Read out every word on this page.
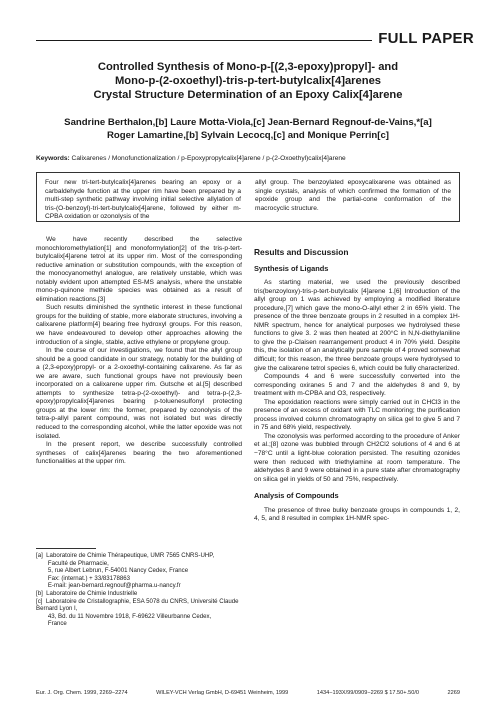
FULL PAPER
Controlled Synthesis of Mono-p-[(2,3-epoxy)propyl]- and
Mono-p-(2-oxoethyl)-tris-p-tert-butylcalix[4]arenes
Crystal Structure Determination of an Epoxy Calix[4]arene
Sandrine Berthalon,[b] Laure Motta-Viola,[c] Jean-Bernard Regnouf-de-Vains,*[a]
Roger Lamartine,[b] Sylvain Lecocq,[c] and Monique Perrin[c]
Keywords: Calixarenes / Monofunctionalization / p-Epoxypropylcalix[4]arene / p-(2-Oxoethyl)calix[4]arene
Four new tri-tert-butylcalix[4]arenes bearing an epoxy or a carbaldehyde function at the upper rim have been prepared by a multi-step synthetic pathway involving initial selective allylation of tris-(O-benzoyl)-tri-tert-butylcalix[4]arene, followed by either m-CPBA oxidation or ozonolysis of the
allyl group. The benzoylated epoxycalixarene was obtained as single crystals, analysis of which confirmed the formation of the epoxide group and the partial-cone conformation of the macrocyclic structure.

We have recently described the selective monochloromethylation[1] and monoformylation[2] of the tris-p-tert-butylcalix[4]arene tetrol at its upper rim. Most of the corresponding reductive amination or substitution compounds, with the exception of the monocyanomethyl analogue, are relatively unstable, which was notably evident upon attempted ES-MS analysis, where the unstable mono-p-quinone methide species was obtained as a result of elimination reactions.[3]

Such results diminished the synthetic interest in these functional groups for the building of stable, more elaborate structures, involving a calixarene platform[4] bearing free hydroxyl groups. For this reason, we have endeavoured to develop other approaches allowing the introduction of a single, stable, active ethylene or propylene group.

In the course of our investigations, we found that the allyl group should be a good candidate in our strategy, notably for the building of a (2,3-epoxy)propyl- or a 2-oxoethyl-containing calixarene. As far as we are aware, such functional groups have not previously been incorporated on a calixarene upper rim. Gutsche et al.[5] described attempts to synthesize tetra-p-(2-oxoethyl)- and tetra-p-(2,3-epoxy)propylcalix[4]arenes bearing p-toluenesulfonyl protecting groups at the lower rim: the former, prepared by ozonolysis of the tetra-p-allyl parent compound, was not isolated but was directly reduced to the corresponding alcohol, while the latter epoxide was not isolated.

In the present report, we describe successfully controlled syntheses of calix[4]arenes bearing the two aforementioned functionalities at the upper rim.

Results and Discussion
Synthesis of Ligands

As starting material, we used the previously described tris(benzoyloxy)-tris-p-tert-butylcalix [4]arene 1.[6] Introduction of the allyl group on 1 was achieved by employing a modified literature procedure,[7] which gave the mono-O-allyl ether 2 in 65% yield. The presence of the three benzoate groups in 2 resulted in a complex 1H-NMR spectrum, hence for analytical purposes we hydrolysed these functions to give 3. 2 was then heated at 200°C in N,N-diethylaniline to give the p-Claisen rearrangement product 4 in 70% yield. Despite this, the isolation of an analytically pure sample of 4 proved somewhat difficult; for this reason, the three benzoate groups were hydrolysed to give the calixarene tetrol species 6, which could be fully characterized.

Compounds 4 and 6 were successfully converted into the corresponding oxiranes 5 and 7 and the aldehydes 8 and 9, by treatment with m-CPBA and O3, respectively.

The epoxidation reactions were simply carried out in CHCl3 in the presence of an excess of oxidant with TLC monitoring; the purification process involved column chromatography on silica gel to give 5 and 7 in 75 and 68% yield, respectively.

The ozonolysis was performed according to the procedure of Anker et al.;[8] ozone was bubbled through CH2Cl2 solutions of 4 and 6 at −78°C until a light-blue coloration persisted. The resulting ozonides were then reduced with triethylamine at room temperature. The aldehydes 8 and 9 were obtained in a pure state after chromatography on silica gel in yields of 50 and 75%, respectively.

Analysis of Compounds

The presence of three bulky benzoate groups in compounds 1, 2, 4, 5, and 8 resulted in complex 1H-NMR spec-

[a]  Laboratoire de Chimie Thérapeutique, UMR 7565 CNRS-UHP,
Faculté de Pharmacie,
5, rue Albert Lebrun, F-54001 Nancy Cedex, France
Fax: (internat.) + 33/83178863
E-mail: jean-bernard.regnouf@pharma.u-nancy.fr
[b]  Laboratoire de Chimie Industrielle
[c]  Laboratoire de Cristallographie, ESA 5078 du CNRS, Université Claude Bernard Lyon I,
43, Bd. du 11 Novembre 1918, F-69622 Villeurbanne Cedex,
France
Eur. J. Org. Chem. 1999, 2269−2274	WILEY-VCH Verlag GmbH, D-69451 Weinheim, 1999	1434−193X/99/0909−2269 $ 17.50+.50/0	2269
